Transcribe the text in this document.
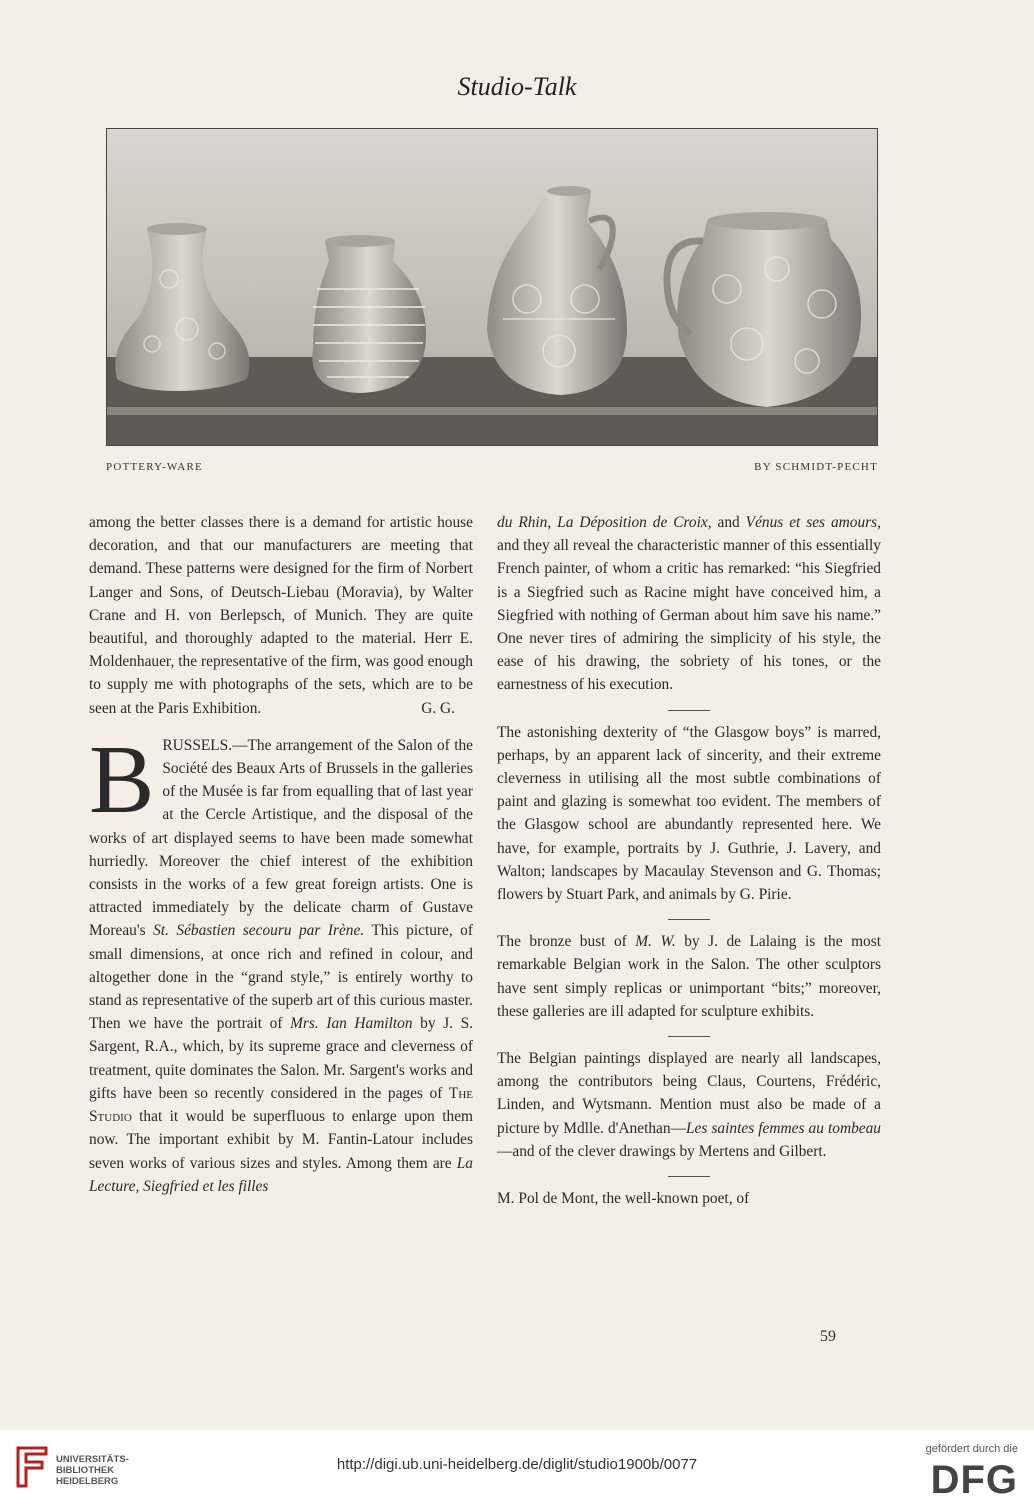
Studio-Talk
POTTERY-WARE	BY SCHMIDT-PECHT

among the better classes there is a demand for artistic house decoration, and that our manufacturers are meeting that demand. These patterns were designed for the firm of Norbert Langer and Sons, of Deutsch-Liebau (Moravia), by Walter Crane and H. von Berlepsch, of Munich. They are quite beautiful, and thoroughly adapted to the material. Herr E. Moldenhauer, the representative of the firm, was good enough to supply me with photographs of the sets, which are to be seen at the Paris Exhibition.	G. G.

BRUSSELS.—The arrangement of the Salon of the Société des Beaux Arts of Brussels in the galleries of the Musée is far from equalling that of last year at the Cercle Artistique, and the disposal of the works of art displayed seems to have been made somewhat hurriedly. Moreover the chief interest of the exhibition consists in the works of a few great foreign artists. One is attracted immediately by the delicate charm of Gustave Moreau's St. Sébastien secouru par Irène. This picture, of small dimensions, at once rich and refined in colour, and altogether done in the “grand style,” is entirely worthy to stand as representative of the superb art of this curious master. Then we have the portrait of Mrs. Ian Hamilton by J. S. Sargent, R.A., which, by its supreme grace and cleverness of treatment, quite dominates the Salon. Mr. Sargent's works and gifts have been so recently considered in the pages of The Studio that it would be superfluous to enlarge upon them now. The important exhibit by M. Fantin-Latour includes seven works of various sizes and styles. Among them are La Lecture, Siegfried et les filles

du Rhin, La Déposition de Croix, and Vénus et ses amours, and they all reveal the characteristic manner of this essentially French painter, of whom a critic has remarked: “his Siegfried is a Siegfried such as Racine might have conceived him, a Siegfried with nothing of German about him save his name.” One never tires of admiring the simplicity of his style, the ease of his drawing, the sobriety of his tones, or the earnestness of his execution.

The astonishing dexterity of “the Glasgow boys” is marred, perhaps, by an apparent lack of sincerity, and their extreme cleverness in utilising all the most subtle combinations of paint and glazing is somewhat too evident. The members of the Glasgow school are abundantly represented here. We have, for example, portraits by J. Guthrie, J. Lavery, and Walton; landscapes by Macaulay Stevenson and G. Thomas; flowers by Stuart Park, and animals by G. Pirie.

The bronze bust of M. W. by J. de Lalaing is the most remarkable Belgian work in the Salon. The other sculptors have sent simply replicas or unimportant “bits;” moreover, these galleries are ill adapted for sculpture exhibits.

The Belgian paintings displayed are nearly all landscapes, among the contributors being Claus, Courtens, Frédéric, Linden, and Wytsmann. Mention must also be made of a picture by Mdlle. d'Anethan—Les saintes femmes au tombeau—and of the clever drawings by Mertens and Gilbert.

M. Pol de Mont, the well-known poet, of

59
UNIVERSITÄTS-
BIBLIOTHEK
HEIDELBERG
http://digi.ub.uni-heidelberg.de/diglit/studio1900b/0077
gefördert durch die
DFG
